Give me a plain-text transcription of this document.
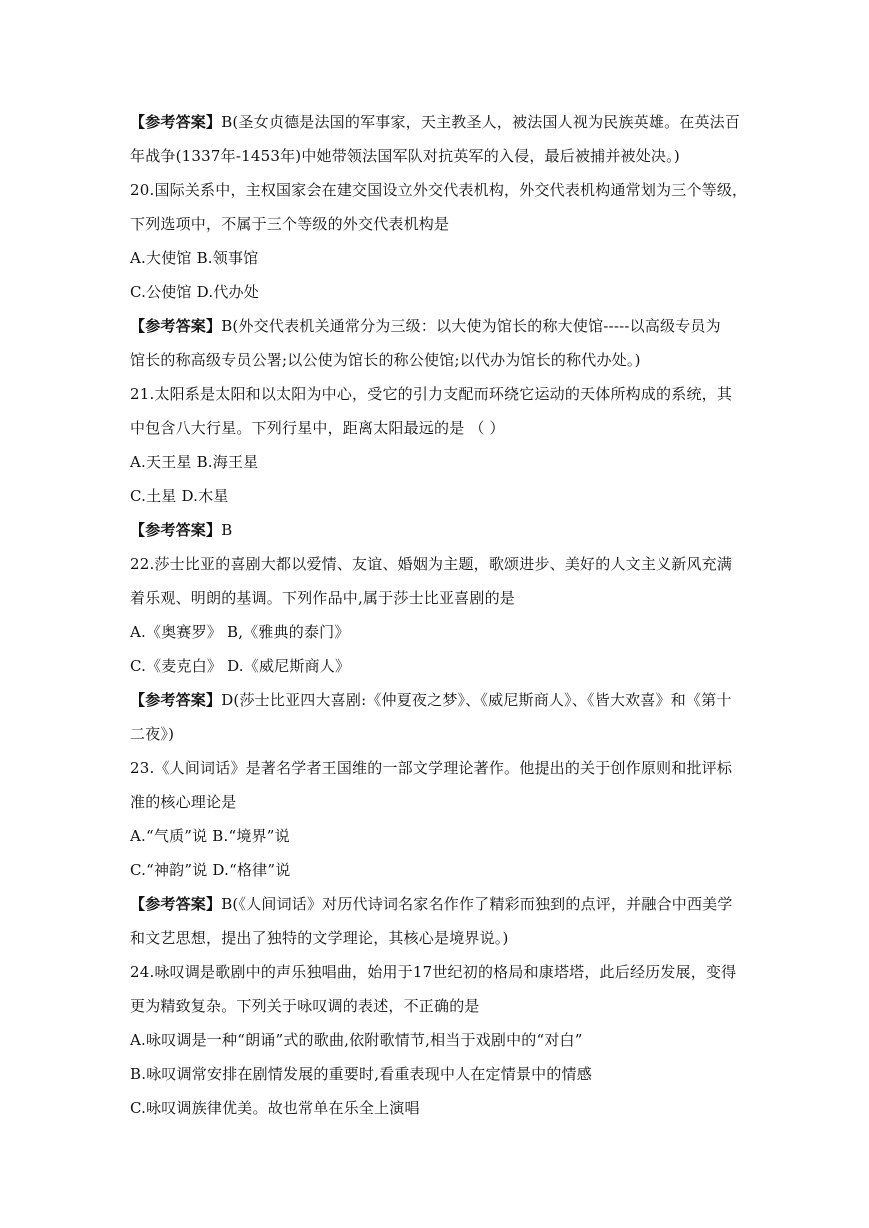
【参考答案】B(圣女贞德是法国的军事家，天主教圣人，被法国人视为民族英雄。在英法百

年战争(1337年-1453年)中她带领法国军队对抗英军的入侵，最后被捕并被处决。)

20.国际关系中，主权国家会在建交国设立外交代表机构，外交代表机构通常划为三个等级，

下列选项中，不属于三个等级的外交代表机构是

A.大使馆 B.领事馆

C.公使馆 D.代办处

【参考答案】B(外交代表机关通常分为三级：以大使为馆长的称大使馆-----以高级专员为

馆长的称高级专员公署;以公使为馆长的称公使馆;以代办为馆长的称代办处。)

21.太阳系是太阳和以太阳为中心，受它的引力支配而环绕它运动的天体所构成的系统，其

中包含八大行星。下列行星中，距离太阳最远的是 （ ）

A.天王星 B.海王星

C.土星 D.木星

【参考答案】B

22.莎士比亚的喜剧大都以爱情、友谊、婚姻为主题，歌颂进步、美好的人文主义新风充满

着乐观、明朗的基调。下列作品中,属于莎士比亚喜剧的是

A.《奥赛罗》 B,《雅典的泰门》

C.《麦克白》 D.《威尼斯商人》

【参考答案】D(莎士比亚四大喜剧:《仲夏夜之梦》、《威尼斯商人》、《皆大欢喜》和《第十

二夜》)

23.《人间词话》是著名学者王国维的一部文学理论著作。他提出的关于创作原则和批评标

准的核心理论是

A.“气质”说 B.“境界”说

C.“神韵”说 D.“格律”说

【参考答案】B(《人间词话》对历代诗词名家名作作了精彩而独到的点评，并融合中西美学

和文艺思想，提出了独特的文学理论，其核心是境界说。)

24.咏叹调是歌剧中的声乐独唱曲，始用于17世纪初的格局和康塔塔，此后经历发展，变得

更为精致复杂。下列关于咏叹调的表述，不正确的是

A.咏叹调是一种“朗诵”式的歌曲,依附歌情节,相当于戏剧中的“对白”

B.咏叹调常安排在剧情发展的重要时,看重表现中人在定情景中的情感

C.咏叹调族律优美。故也常单在乐全上演唱
